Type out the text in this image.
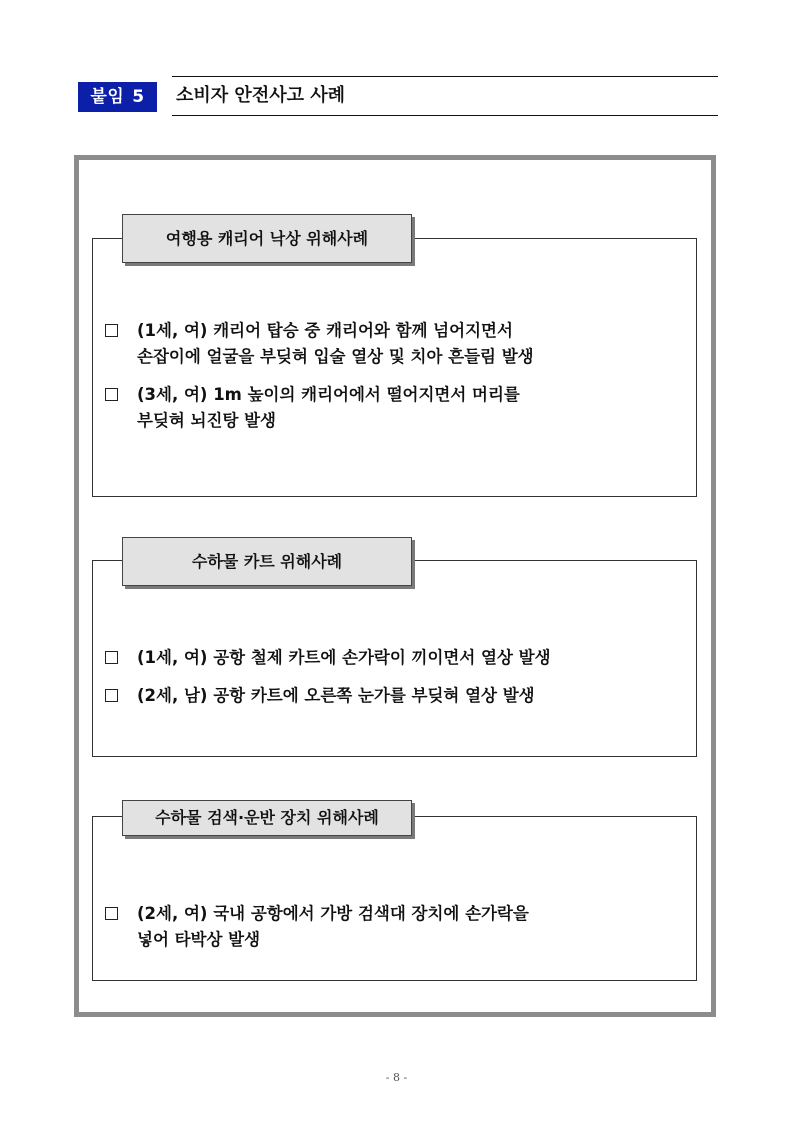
붙임 5	소비자 안전사고 사례
여행용 캐리어 낙상 위해사례
(1세, 여) 캐리어 탑승 중 캐리어와 함께 넘어지면서
손잡이에 얼굴을 부딪혀 입술 열상 및 치아 흔들림 발생
(3세, 여) 1m 높이의 캐리어에서 떨어지면서 머리를
부딪혀 뇌진탕 발생
수하물 카트 위해사례
(1세, 여) 공항 철제 카트에 손가락이 끼이면서 열상 발생
(2세, 남) 공항 카트에 오른쪽 눈가를 부딪혀 열상 발생
수하물 검색·운반 장치 위해사례
(2세, 여) 국내 공항에서 가방 검색대 장치에 손가락을
넣어 타박상 발생
- 8 -
